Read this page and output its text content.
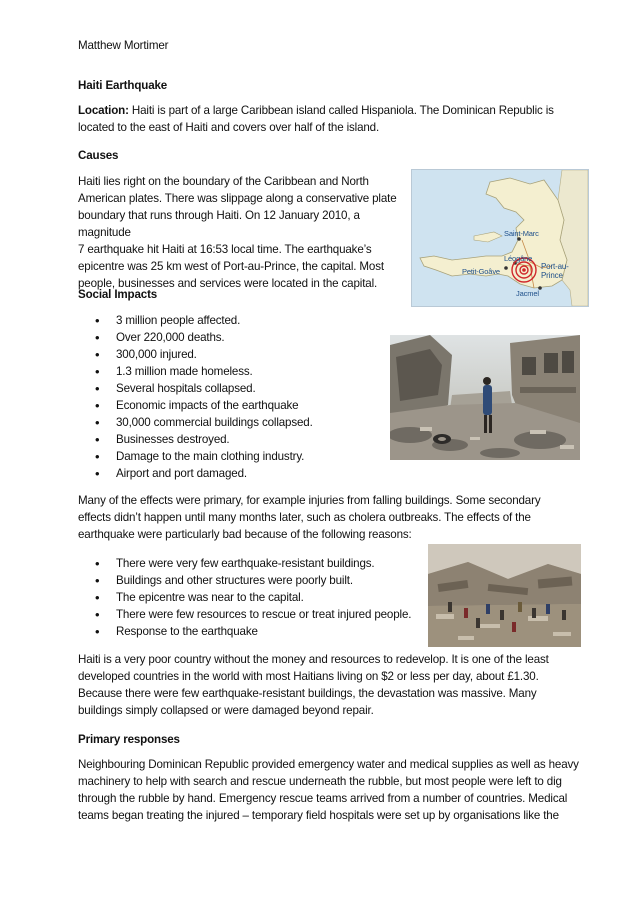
Matthew Mortimer
Haiti Earthquake
Location: Haiti is part of a large Caribbean island called Hispaniola. The Dominican Republic is
located to the east of Haiti and covers over half of the island.
Causes
Haiti lies right on the boundary of the Caribbean and North
American plates. There was slippage along a conservative plate
boundary that runs through Haiti. On 12 January 2010, a magnitude
7 earthquake hit Haiti at 16:53 local time. The earthquake’s
epicentre was 25 km west of Port-au-Prince, the capital. Most
people, businesses and services were located in the capital.
Saint-Marc
Léogâne
Petit-Goâve
Port-au-
Prince
Jacmel
Social Impacts
• 3 million people affected.
• Over 220,000 deaths.
• 300,000 injured.
• 1.3 million made homeless.
• Several hospitals collapsed.
• Economic impacts of the earthquake
• 30,000 commercial buildings collapsed.
• Businesses destroyed.
• Damage to the main clothing industry.
• Airport and port damaged.
Many of the effects were primary, for example injuries from falling buildings. Some secondary
effects didn’t happen until many months later, such as cholera outbreaks. The effects of the
earthquake were particularly bad because of the following reasons:
• There were very few earthquake-resistant buildings.
• Buildings and other structures were poorly built.
• The epicentre was near to the capital.
• There were few resources to rescue or treat injured people.
• Response to the earthquake
Haiti is a very poor country without the money and resources to redevelop. It is one of the least
developed countries in the world with most Haitians living on $2 or less per day, about £1.30.
Because there were few earthquake-resistant buildings, the devastation was massive. Many
buildings simply collapsed or were damaged beyond repair.
Primary responses
Neighbouring Dominican Republic provided emergency water and medical supplies as well as heavy
machinery to help with search and rescue underneath the rubble, but most people were left to dig
through the rubble by hand. Emergency rescue teams arrived from a number of countries. Medical
teams began treating the injured – temporary field hospitals were set up by organisations like the
